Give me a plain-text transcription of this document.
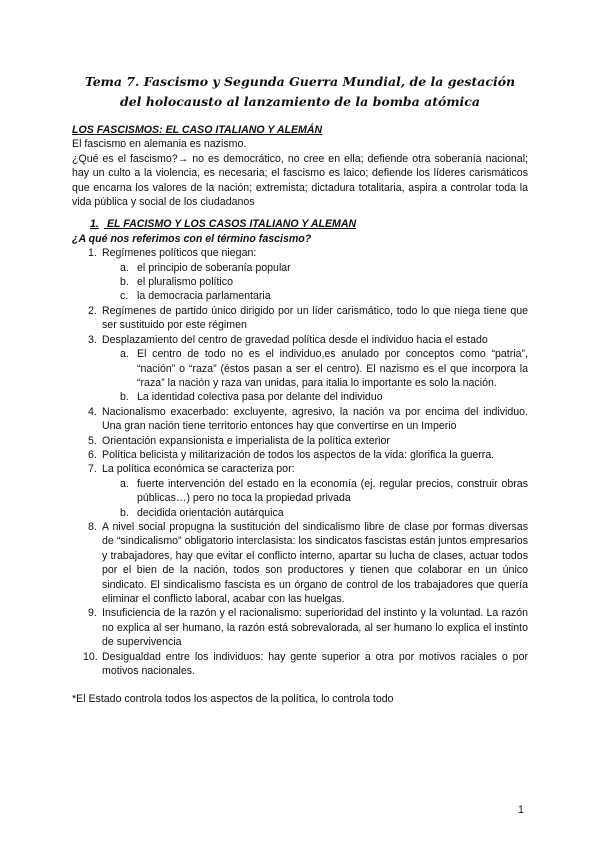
Tema 7. Fascismo y Segunda Guerra Mundial, de la gestación del holocausto al lanzamiento de la bomba atómica
LOS FASCISMOS: EL CASO ITALIANO Y ALEMÁN

El fascismo en alemania es nazismo.

¿Qué es el fascismo?→ no es democrático, no cree en ella; defiende otra soberanía nacional; hay un culto a la violencia, es necesaria; el fascismo es laico; defiende los líderes carismáticos que encarna los valores de la nación; extremista; dictadura totalitaria, aspira a controlar toda la vida pública y social de los ciudadanos

1. EL FACISMO Y LOS CASOS ITALIANO Y ALEMAN
¿A qué nos referimos con el término fascismo?
1. Regímenes políticos que niegan:
a. el principio de soberanía popular
b. el pluralismo político
c. la democracia parlamentaria
2. Regímenes de partido único dirigido por un líder carismático, todo lo que niega tiene que ser sustituido por este régimen
3. Desplazamiento del centro de gravedad política desde el individuo hacia el estado
a. El centro de todo no es el individuo,es anulado por conceptos como “patria”, “nación” o “raza” (éstos pasan a ser el centro). El nazismo es el que incorpora la “raza” la nación y raza van unidas, para italia lo importante es solo la nación.
b. La identidad colectiva pasa por delante del individuo
4. Nacionalismo exacerbado: excluyente, agresivo, la nación va por encima del individuo. Una gran nación tiene territorio entonces hay que convertirse en un Imperio
5. Orientación expansionista e imperialista de la política exterior
6. Política belicista y militarización de todos los aspectos de la vida: glorifica la guerra.
7. La política económica se caracteriza por:
a. fuerte intervención del estado en la economía (ej. regular precios, construir obras públicas…) pero no toca la propiedad privada
b. decidida orientación autárquica
8. A nivel social propugna la sustitución del sindicalismo libre de clase por formas diversas de “sindicalismo” obligatorio interclasista: los sindicatos fascistas están juntos empresarios y trabajadores, hay que evitar el conflicto interno, apartar su lucha de clases, actuar todos por el bien de la nación, todos son productores y tienen que colaborar en un único sindicato. El sindicalismo fascista es un órgano de control de los trabajadores que quería eliminar el conflicto laboral, acabar con las huelgas.
9. Insuficiencia de la razón y el racionalismo: superioridad del instinto y la voluntad. La razón no explica al ser humano, la razón está sobrevalorada, al ser humano lo explica el instinto de supervivencia
10. Desigualdad entre los individuos: hay gente superior a otra por motivos raciales o por motivos nacionales.

*El Estado controla todos los aspectos de la política, lo controla todo

1
